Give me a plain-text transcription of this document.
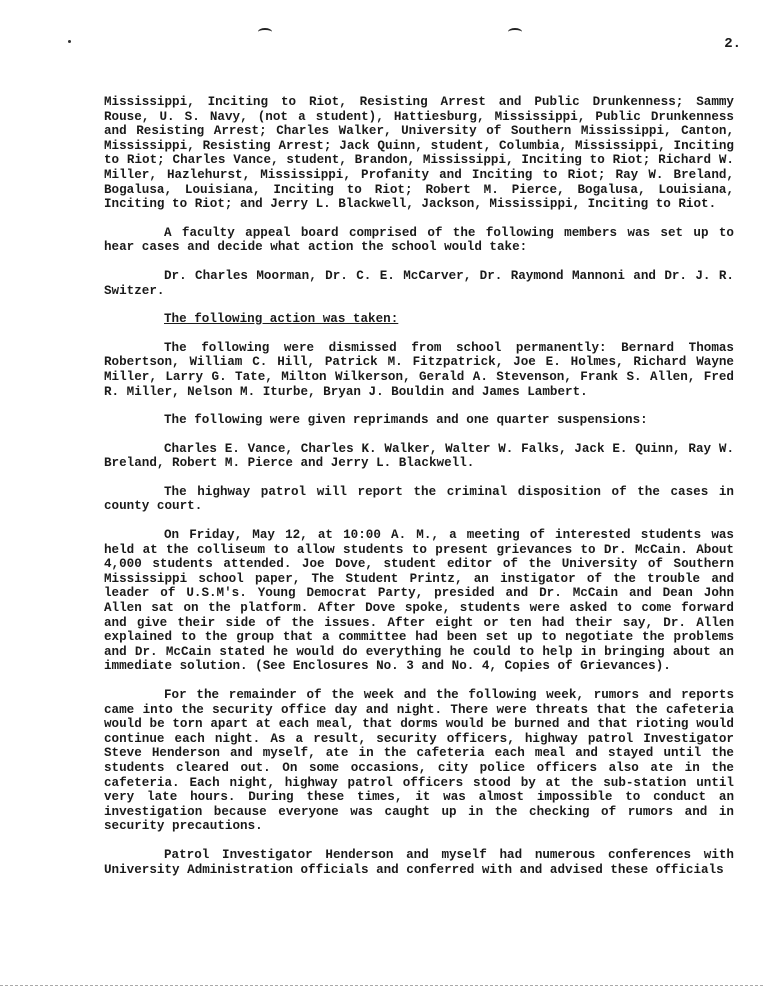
2.

Mississippi, Inciting to Riot, Resisting Arrest and Public Drunkenness; Sammy Rouse, U. S. Navy, (not a student), Hattiesburg, Mississippi, Public Drunkenness and Resisting Arrest; Charles Walker, University of Southern Mississippi, Canton, Mississippi, Resisting Arrest; Jack Quinn, student, Columbia, Mississippi, Inciting to Riot; Charles Vance, student, Brandon, Mississippi, Inciting to Riot; Richard W. Miller, Hazlehurst, Mississippi, Profanity and Inciting to Riot; Ray W. Breland, Bogalusa, Louisiana, Inciting to Riot; Robert M. Pierce, Bogalusa, Louisiana, Inciting to Riot; and Jerry L. Blackwell, Jackson, Mississippi, Inciting to Riot.

A faculty appeal board comprised of the following members was set up to hear cases and decide what action the school would take:

Dr. Charles Moorman, Dr. C. E. McCarver, Dr. Raymond Mannoni and Dr. J. R. Switzer.

The following action was taken:

The following were dismissed from school permanently: Bernard Thomas Robertson, William C. Hill, Patrick M. Fitzpatrick, Joe E. Holmes, Richard Wayne Miller, Larry G. Tate, Milton Wilkerson, Gerald A. Stevenson, Frank S. Allen, Fred R. Miller, Nelson M. Iturbe, Bryan J. Bouldin and James Lambert.

The following were given reprimands and one quarter suspensions:

Charles E. Vance, Charles K. Walker, Walter W. Falks, Jack E. Quinn, Ray W. Breland, Robert M. Pierce and Jerry L. Blackwell.

The highway patrol will report the criminal disposition of the cases in county court.

On Friday, May 12, at 10:00 A. M., a meeting of interested students was held at the colliseum to allow students to present grievances to Dr. McCain. About 4,000 students attended. Joe Dove, student editor of the University of Southern Mississippi school paper, The Student Printz, an instigator of the trouble and leader of U.S.M's. Young Democrat Party, presided and Dr. McCain and Dean John Allen sat on the platform. After Dove spoke, students were asked to come forward and give their side of the issues. After eight or ten had their say, Dr. Allen explained to the group that a committee had been set up to negotiate the problems and Dr. McCain stated he would do everything he could to help in bringing about an immediate solution. (See Enclosures No. 3 and No. 4, Copies of Grievances).

For the remainder of the week and the following week, rumors and reports came into the security office day and night. There were threats that the cafeteria would be torn apart at each meal, that dorms would be burned and that rioting would continue each night. As a result, security officers, highway patrol Investigator Steve Henderson and myself, ate in the cafeteria each meal and stayed until the students cleared out. On some occasions, city police officers also ate in the cafeteria. Each night, highway patrol officers stood by at the sub-station until very late hours. During these times, it was almost impossible to conduct an investigation because everyone was caught up in the checking of rumors and in security precautions.

Patrol Investigator Henderson and myself had numerous conferences with University Administration officials and conferred with and advised these officials
